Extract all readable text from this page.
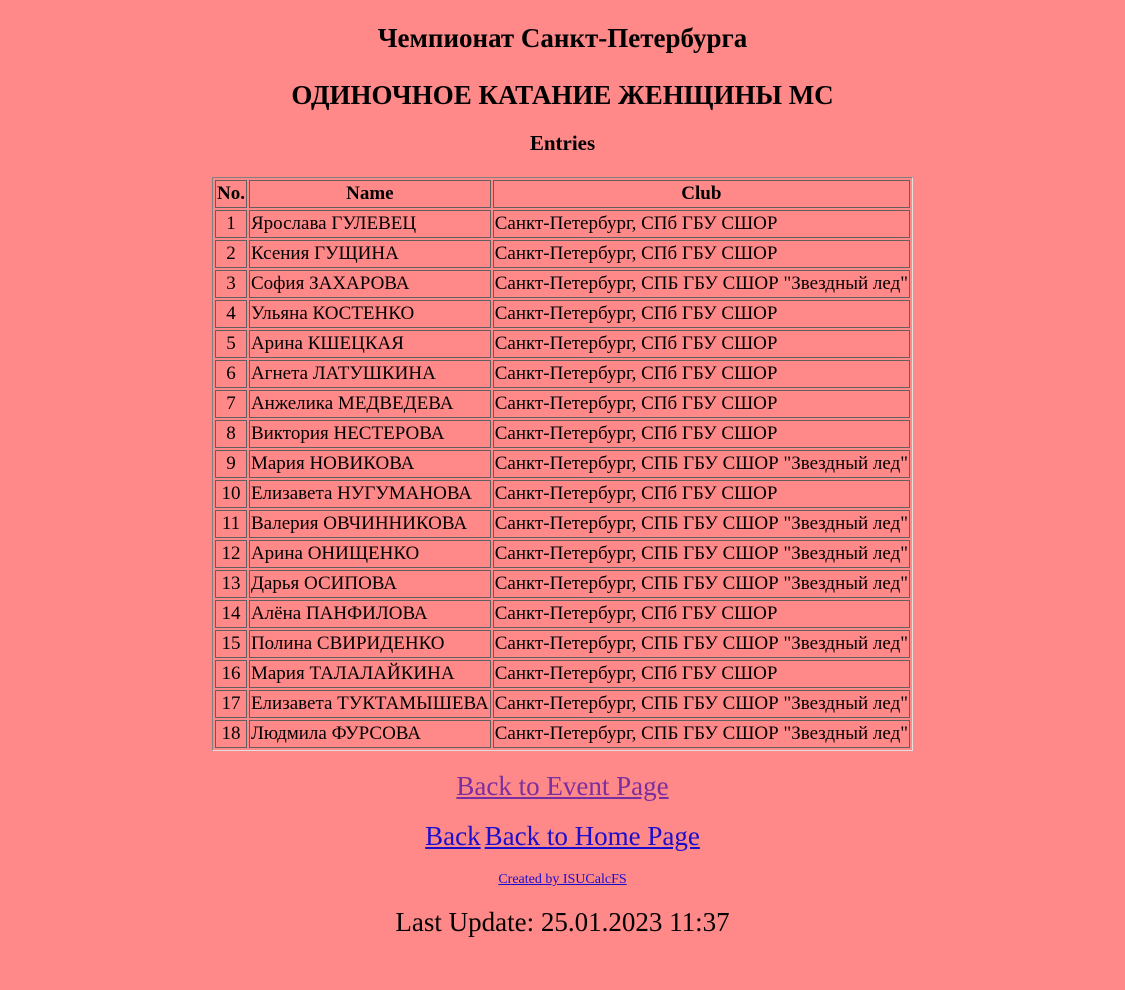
Чемпионат Санкт-Петербурга
ОДИНОЧНОЕ КАТАНИЕ ЖЕНЩИНЫ МС
Entries
No.	Name	Club
1	Ярослава ГУЛЕВЕЦ	Санкт-Петербург, СПб ГБУ СШОР
2	Ксения ГУЩИНА	Санкт-Петербург, СПб ГБУ СШОР
3	София ЗАХАРОВА	Санкт-Петербург, СПБ ГБУ СШОР "Звездный лед"
4	Ульяна КОСТЕНКО	Санкт-Петербург, СПб ГБУ СШОР
5	Арина КШЕЦКАЯ	Санкт-Петербург, СПб ГБУ СШОР
6	Агнета ЛАТУШКИНА	Санкт-Петербург, СПб ГБУ СШОР
7	Анжелика МЕДВЕДЕВА	Санкт-Петербург, СПб ГБУ СШОР
8	Виктория НЕСТЕРОВА	Санкт-Петербург, СПб ГБУ СШОР
9	Мария НОВИКОВА	Санкт-Петербург, СПБ ГБУ СШОР "Звездный лед"
10	Елизавета НУГУМАНОВА	Санкт-Петербург, СПб ГБУ СШОР
11	Валерия ОВЧИННИКОВА	Санкт-Петербург, СПБ ГБУ СШОР "Звездный лед"
12	Арина ОНИЩЕНКО	Санкт-Петербург, СПБ ГБУ СШОР "Звездный лед"
13	Дарья ОСИПОВА	Санкт-Петербург, СПБ ГБУ СШОР "Звездный лед"
14	Алёна ПАНФИЛОВА	Санкт-Петербург, СПб ГБУ СШОР
15	Полина СВИРИДЕНКО	Санкт-Петербург, СПБ ГБУ СШОР "Звездный лед"
16	Мария ТАЛАЛАЙКИНА	Санкт-Петербург, СПб ГБУ СШОР
17	Елизавета ТУКТАМЫШЕВА	Санкт-Петербург, СПБ ГБУ СШОР "Звездный лед"
18	Людмила ФУРСОВА	Санкт-Петербург, СПБ ГБУ СШОР "Звездный лед"
Back to Event Page
Back Back to Home Page
Created by ISUCalcFS
Last Update: 25.01.2023 11:37
